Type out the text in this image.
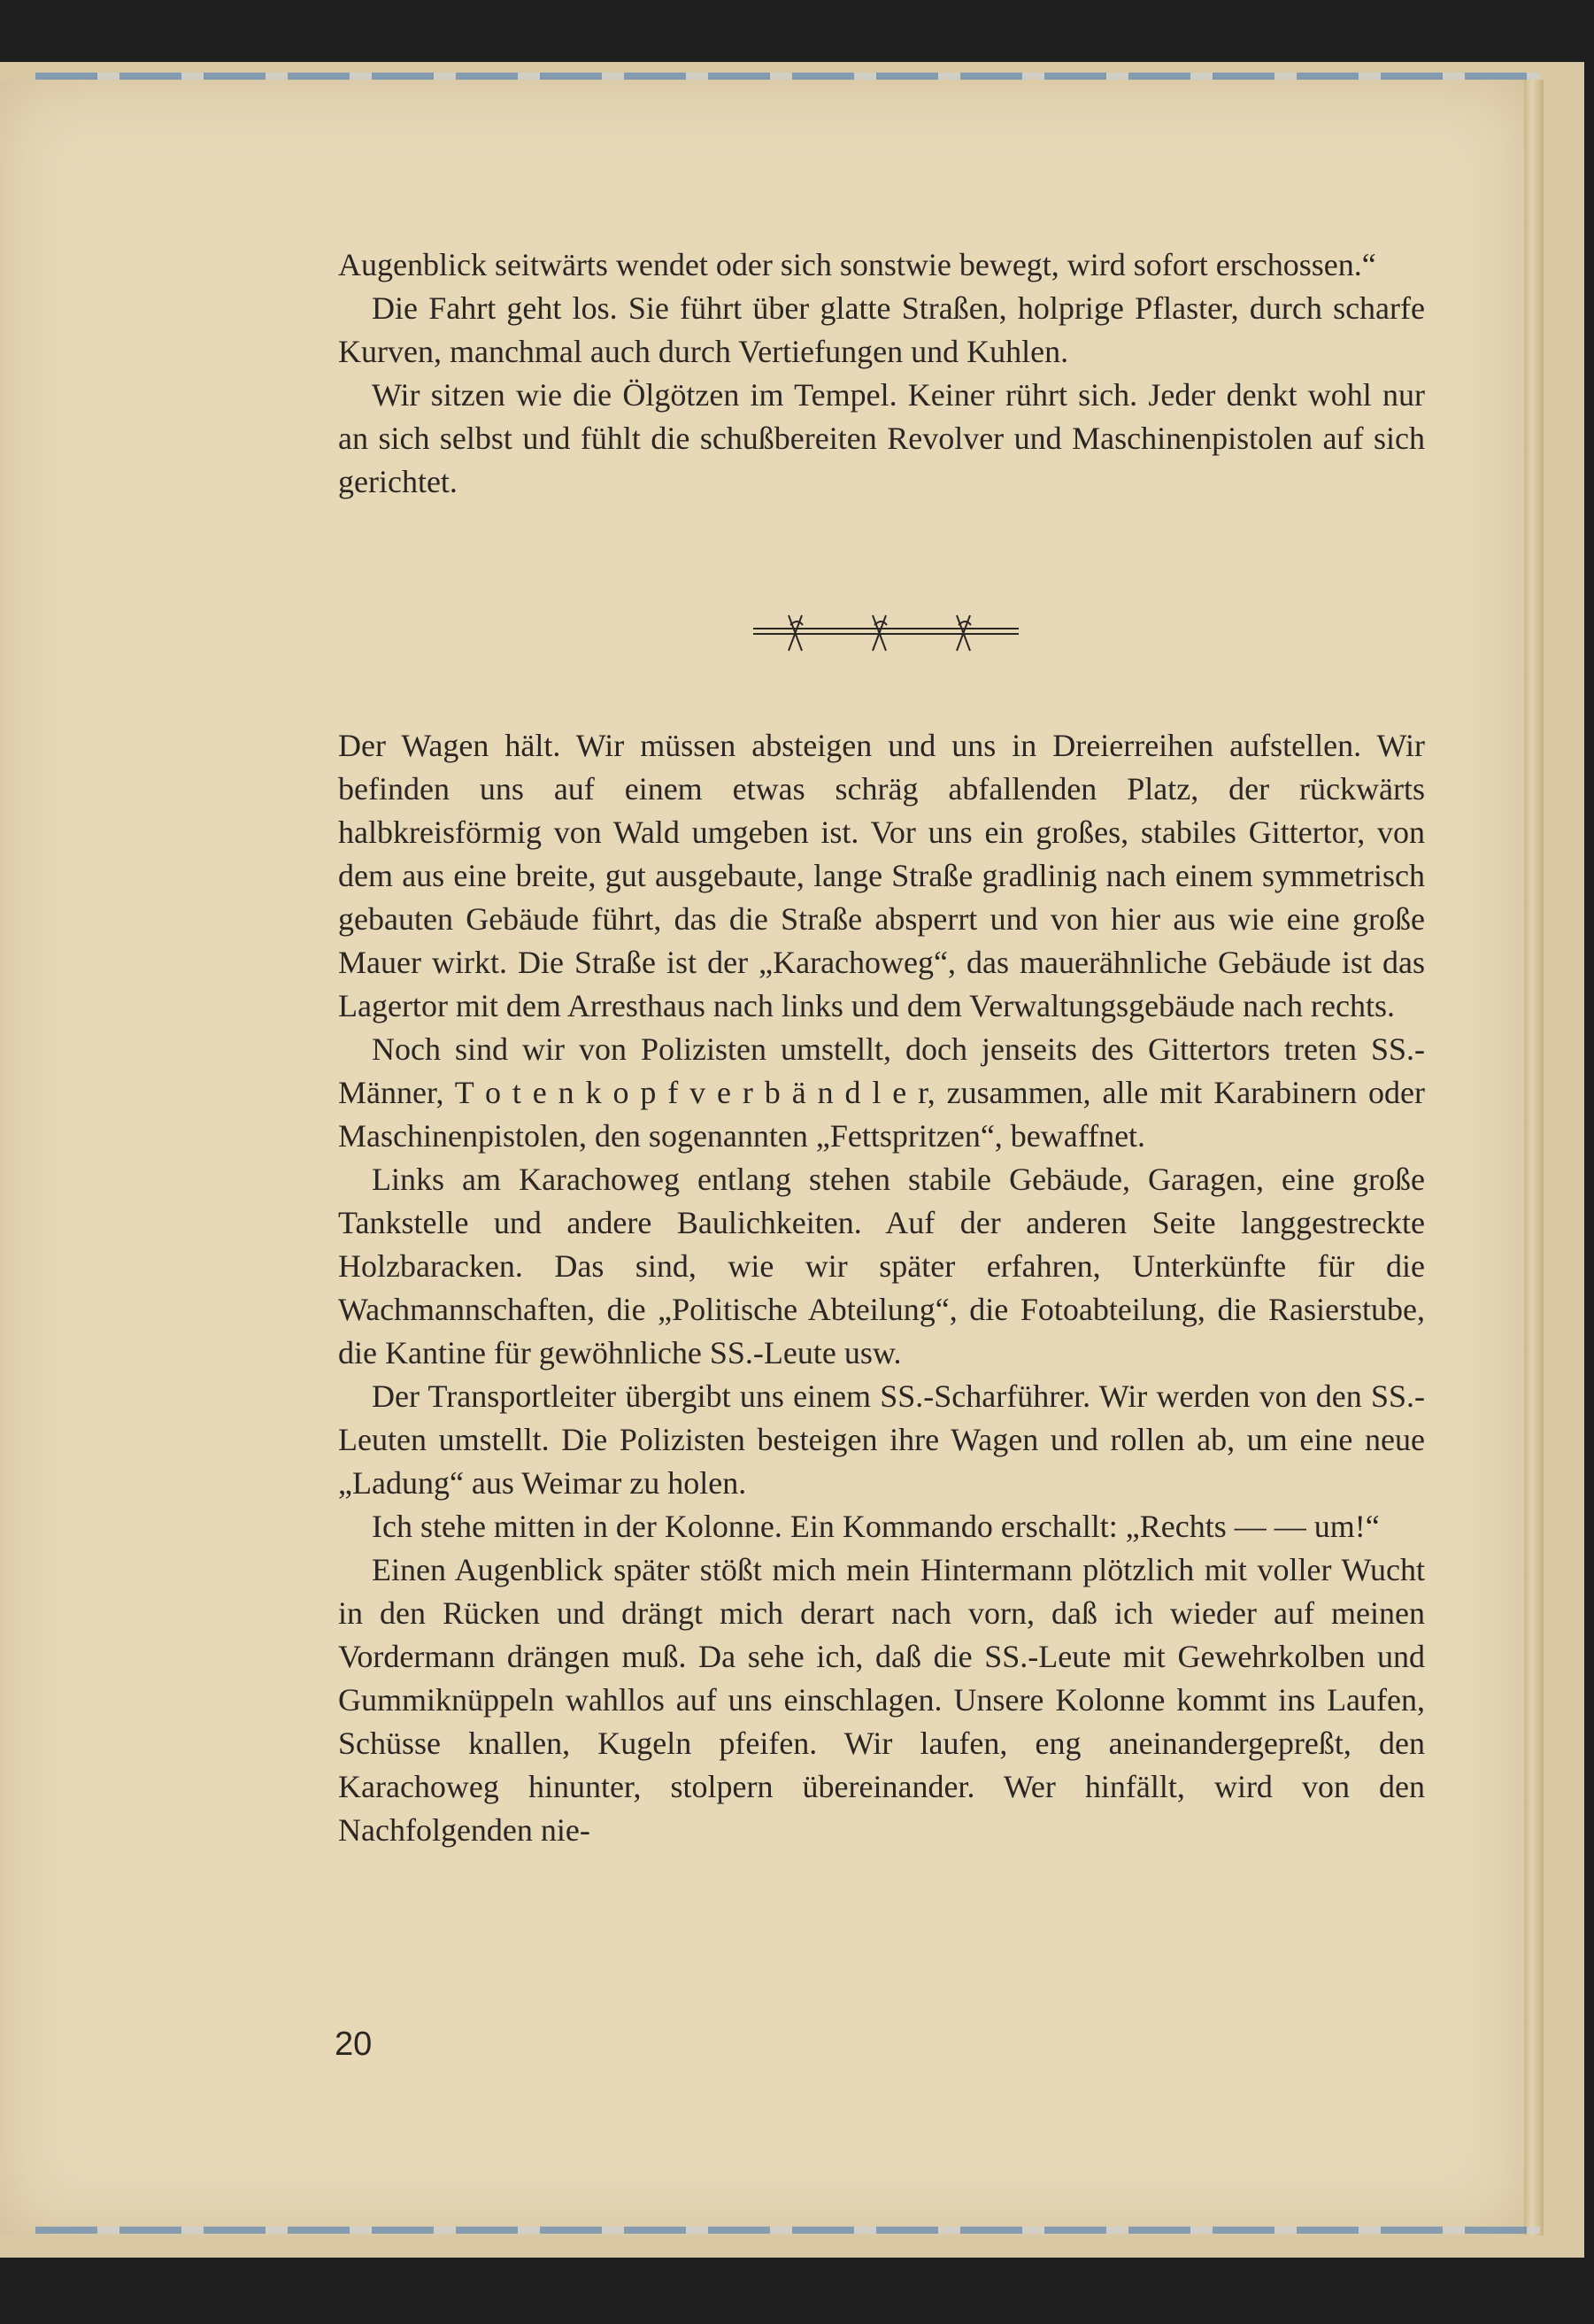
Augenblick seitwärts wendet oder sich sonstwie bewegt, wird sofort erschossen.“

Die Fahrt geht los. Sie führt über glatte Straßen, holprige Pflaster, durch scharfe Kurven, manchmal auch durch Vertiefungen und Kuhlen.

Wir sitzen wie die Ölgötzen im Tempel. Keiner rührt sich. Jeder denkt wohl nur an sich selbst und fühlt die schußbereiten Revolver und Maschinenpistolen auf sich gerichtet.

Der Wagen hält. Wir müssen absteigen und uns in Dreierreihen aufstellen. Wir befinden uns auf einem etwas schräg abfallenden Platz, der rückwärts halbkreisförmig von Wald umgeben ist. Vor uns ein großes, stabiles Gittertor, von dem aus eine breite, gut ausgebaute, lange Straße gradlinig nach einem symmetrisch gebauten Gebäude führt, das die Straße absperrt und von hier aus wie eine große Mauer wirkt. Die Straße ist der „Karachoweg“, das mauerähnliche Gebäude ist das Lagertor mit dem Arresthaus nach links und dem Verwaltungsgebäude nach rechts.

Noch sind wir von Polizisten umstellt, doch jenseits des Gittertors treten SS.-Männer, T o t e n k o p f v e r b ä n d l e r, zusammen, alle mit Karabinern oder Maschinenpistolen, den sogenannten „Fettspritzen“, bewaffnet.

Links am Karachoweg entlang stehen stabile Gebäude, Garagen, eine große Tankstelle und andere Baulichkeiten. Auf der anderen Seite langgestreckte Holzbaracken. Das sind, wie wir später erfahren, Unterkünfte für die Wachmannschaften, die „Politische Abteilung“, die Fotoabteilung, die Rasierstube, die Kantine für gewöhnliche SS.-Leute usw.

Der Transportleiter übergibt uns einem SS.-Scharführer. Wir werden von den SS.-Leuten umstellt. Die Polizisten besteigen ihre Wagen und rollen ab, um eine neue „Ladung“ aus Weimar zu holen.

Ich stehe mitten in der Kolonne. Ein Kommando erschallt: „Rechts — — um!“

Einen Augenblick später stößt mich mein Hintermann plötzlich mit voller Wucht in den Rücken und drängt mich derart nach vorn, daß ich wieder auf meinen Vordermann drängen muß. Da sehe ich, daß die SS.-Leute mit Gewehrkolben und Gummiknüppeln wahllos auf uns einschlagen. Unsere Kolonne kommt ins Laufen, Schüsse knallen, Kugeln pfeifen. Wir laufen, eng aneinandergepreßt, den Karachoweg hinunter, stolpern übereinander. Wer hinfällt, wird von den Nachfolgenden nie-

20
